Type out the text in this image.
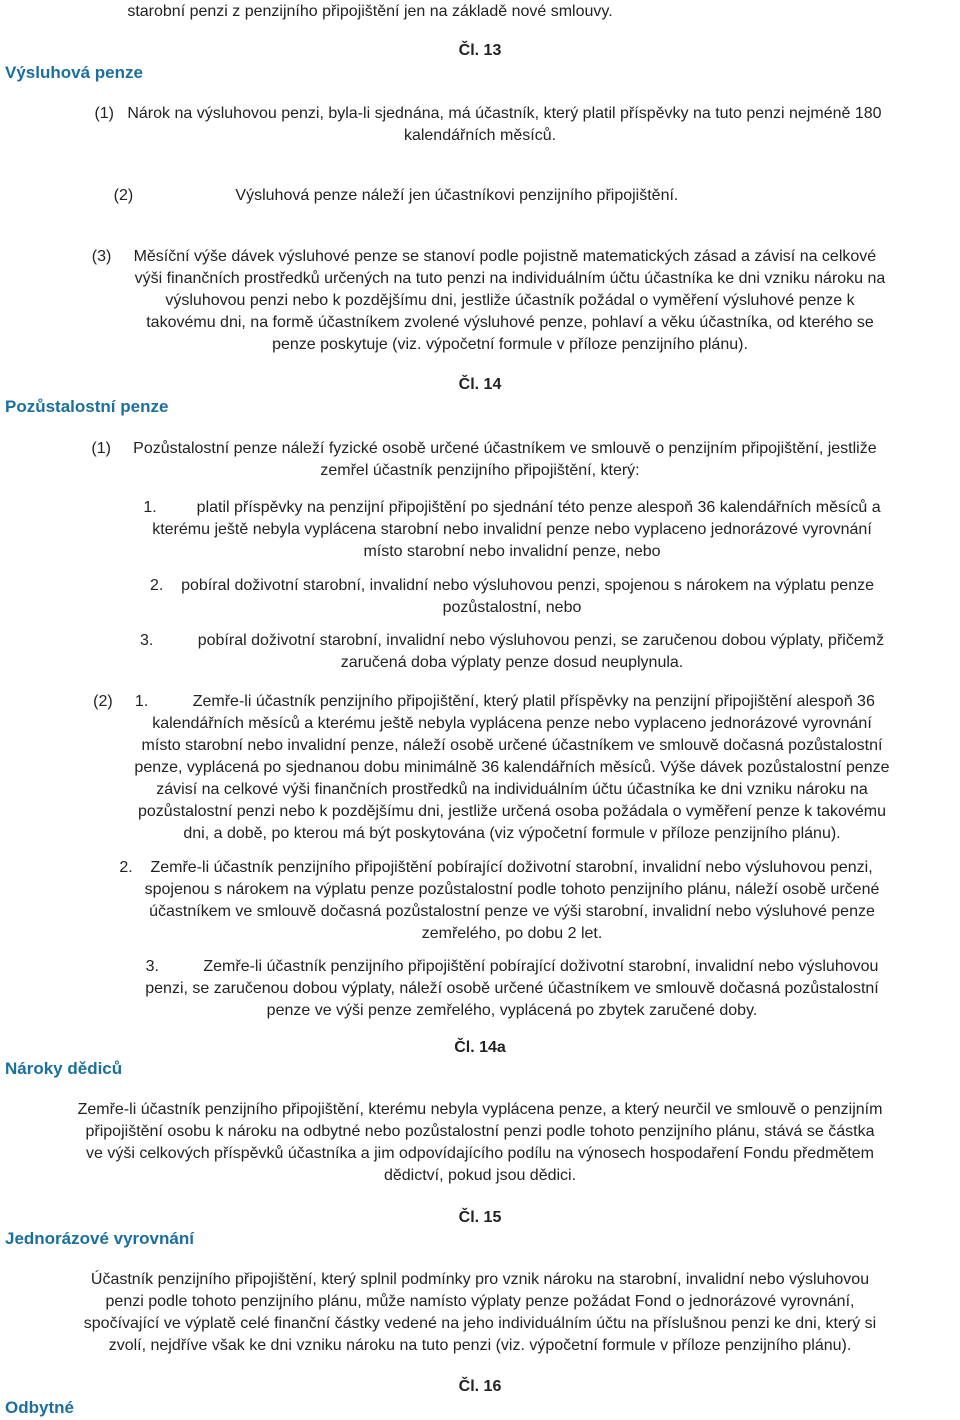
starobní penzi z penzijního připojištění jen na základě nové smlouvy.
Čl. 13
Výsluhová penze
(1)   Nárok na výsluhovou penzi, byla-li sjednána, má účastník, který platil příspěvky na tuto penzi nejméně 180
kalendářních měsíců.
(2)                       Výsluhová penze náleží jen účastníkovi penzijního připojištění.
(3)     Měsíční výše dávek výsluhové penze se stanoví podle pojistně matematických zásad a závisí na celkové
výši finančních prostředků určených na tuto penzi na individuálním účtu účastníka ke dni vzniku nároku na
výsluhovou penzi nebo k pozdějšímu dni, jestliže účastník požádal o vyměření výsluhové penze k
takovému dni, na formě účastníkem zvolené výsluhové penze, pohlaví a věku účastníka, od kterého se
penze poskytuje (viz. výpočetní formule v příloze penzijního plánu).
Čl. 14
Pozůstalostní penze
(1)     Pozůstalostní penze náleží fyzické osobě určené účastníkem ve smlouvě o penzijním připojištění, jestliže
zemřel účastník penzijního připojištění, který:
1.         platil příspěvky na penzijní připojištění po sjednání této penze alespoň 36 kalendářních měsíců a
kterému ještě nebyla vyplácena starobní nebo invalidní penze nebo vyplaceno jednorázové vyrovnání
místo starobní nebo invalidní penze, nebo
2.    pobíral doživotní starobní, invalidní nebo výsluhovou penzi, spojenou s nárokem na výplatu penze
pozůstalostní, nebo
3.          pobíral doživotní starobní, invalidní nebo výsluhovou penzi, se zaručenou dobou výplaty, přičemž
zaručená doba výplaty penze dosud neuplynula.
(2)     1.          Zemře-li účastník penzijního připojištění, který platil příspěvky na penzijní připojištění alespoň 36
kalendářních měsíců a kterému ještě nebyla vyplácena penze nebo vyplaceno jednorázové vyrovnání
místo starobní nebo invalidní penze, náleží osobě určené účastníkem ve smlouvě dočasná pozůstalostní
penze, vyplácená po sjednanou dobu minimálně 36 kalendářních měsíců. Výše dávek pozůstalostní penze
závisí na celkové výši finančních prostředků na individuálním účtu účastníka ke dni vzniku nároku na
pozůstalostní penzi nebo k pozdějšímu dni, jestliže určená osoba požádala o vyměření penze k takovému
dni, a době, po kterou má být poskytována (viz výpočetní formule v příloze penzijního plánu).
2.    Zemře-li účastník penzijního připojištění pobírající doživotní starobní, invalidní nebo výsluhovou penzi,
spojenou s nárokem na výplatu penze pozůstalostní podle tohoto penzijního plánu, náleží osobě určené
účastníkem ve smlouvě dočasná pozůstalostní penze ve výši starobní, invalidní nebo výsluhové penze
zemřelého, po dobu 2 let.
3.          Zemře-li účastník penzijního připojištění pobírající doživotní starobní, invalidní nebo výsluhovou
penzi, se zaručenou dobou výplaty, náleží osobě určené účastníkem ve smlouvě dočasná pozůstalostní
penze ve výši penze zemřelého, vyplácená po zbytek zaručené doby.
Čl. 14a
Nároky dědiců
Zemře-li účastník penzijního připojištění, kterému nebyla vyplácena penze, a který neurčil ve smlouvě o penzijním
připojištění osobu k nároku na odbytné nebo pozůstalostní penzi podle tohoto penzijního plánu, stává se částka
ve výši celkových příspěvků účastníka a jim odpovídajícího podílu na výnosech hospodaření Fondu předmětem
dědictví, pokud jsou dědici.
Čl. 15
Jednorázové vyrovnání
Účastník penzijního připojištění, který splnil podmínky pro vznik nároku na starobní, invalidní nebo výsluhovou
penzi podle tohoto penzijního plánu, může namísto výplaty penze požádat Fond o jednorázové vyrovnání,
spočívající ve výplatě celé finanční částky vedené na jeho individuálním účtu na příslušnou penzi ke dni, který si
zvolí, nejdříve však ke dni vzniku nároku na tuto penzi (viz. výpočetní formule v příloze penzijního plánu).
Čl. 16
Odbytné
